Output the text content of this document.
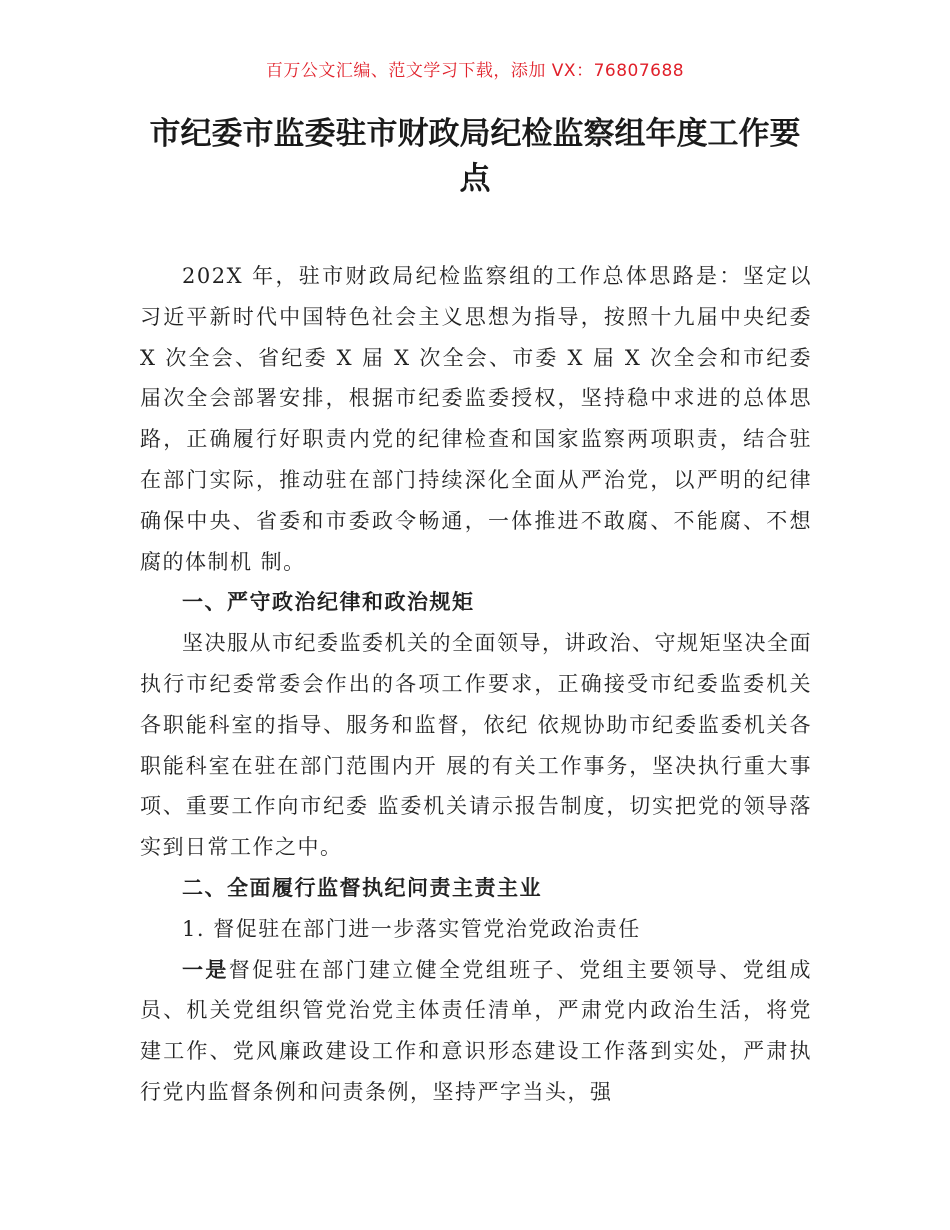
百万公文汇编、范文学习下载，添加 VX：76807688
市纪委市监委驻市财政局纪检监察组年度工作要点

202X 年，驻市财政局纪检监察组的工作总体思路是：坚定以习近平新时代中国特色社会主义思想为指导，按照十九届中央纪委 X 次全会、省纪委 X 届 X 次全会、市委 X 届 X 次全会和市纪委届次全会部署安排，根据市纪委监委授权，坚持稳中求进的总体思路，正确履行好职责内党的纪律检查和国家监察两项职责，结合驻在部门实际，推动驻在部门持续深化全面从严治党，以严明的纪律确保中央、省委和市委政令畅通，一体推进不敢腐、不能腐、不想腐的体制机 制。

一、严守政治纪律和政治规矩

坚决服从市纪委监委机关的全面领导，讲政治、守规矩坚决全面执行市纪委常委会作出的各项工作要求，正确接受市纪委监委机关各职能科室的指导、服务和监督，依纪 依规协助市纪委监委机关各职能科室在驻在部门范围内开 展的有关工作事务，坚决执行重大事项、重要工作向市纪委 监委机关请示报告制度，切实把党的领导落实到日常工作之中。

二、全面履行监督执纪问责主责主业

1. 督促驻在部门进一步落实管党治党政治责任

一是督促驻在部门建立健全党组班子、党组主要领导、党组成员、机关党组织管党治党主体责任清单，严肃党内政治生活，将党建工作、党风廉政建设工作和意识形态建设工作落到实处，严肃执行党内监督条例和问责条例，坚持严字当头，强
